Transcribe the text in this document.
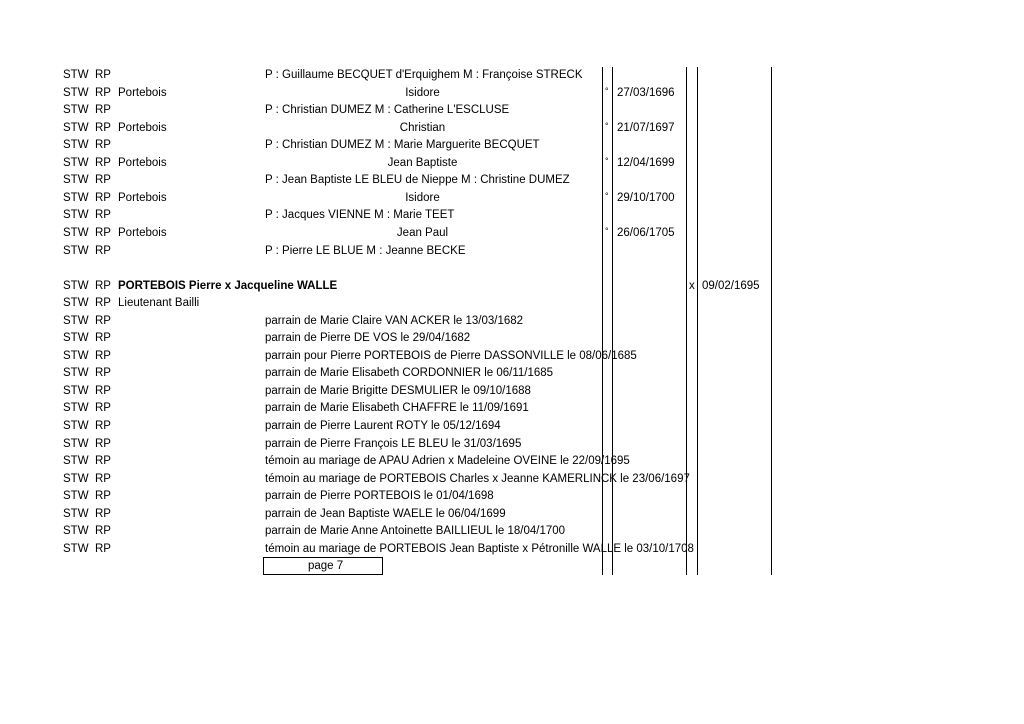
STW RP	P : Guillaume BECQUET d'Erquighem M : Françoise STRECK
STW RP Portebois	Isidore	° 27/03/1696
STW RP	P : Christian DUMEZ M : Catherine L'ESCLUSE
STW RP Portebois	Christian	° 21/07/1697
STW RP	P : Christian DUMEZ M : Marie Marguerite BECQUET
STW RP Portebois	Jean Baptiste	° 12/04/1699
STW RP	P : Jean Baptiste LE BLEU de Nieppe M : Christine DUMEZ
STW RP Portebois	Isidore	° 29/10/1700
STW RP	P : Jacques VIENNE M : Marie TEET
STW RP Portebois	Jean Paul	° 26/06/1705
STW RP	P : Pierre LE BLUE M : Jeanne BECKE
STW RP PORTEBOIS Pierre x Jacqueline WALLE	x 09/02/1695
STW RP Lieutenant Bailli
STW RP	parrain de Marie Claire VAN ACKER le 13/03/1682
STW RP	parrain de Pierre DE VOS le 29/04/1682
STW RP	parrain pour Pierre PORTEBOIS de Pierre DASSONVILLE le 08/06/1685
STW RP	parrain de Marie Elisabeth CORDONNIER le 06/11/1685
STW RP	parrain de Marie Brigitte DESMULIER le 09/10/1688
STW RP	parrain de Marie Elisabeth CHAFFRE le 11/09/1691
STW RP	parrain de Pierre Laurent ROTY le 05/12/1694
STW RP	parrain de Pierre François LE BLEU le 31/03/1695
STW RP	témoin au mariage de APAU Adrien x Madeleine OVEINE le 22/09/1695
STW RP	témoin au mariage de PORTEBOIS Charles x Jeanne KAMERLINCK le 23/06/1697
STW RP	parrain de Pierre PORTEBOIS le 01/04/1698
STW RP	parrain de Jean Baptiste WAELE le 06/04/1699
STW RP	parrain de Marie Anne Antoinette BAILLIEUL le 18/04/1700
STW RP	témoin au mariage de PORTEBOIS Jean Baptiste x Pétronille WALLE le 03/10/1708
page 7
